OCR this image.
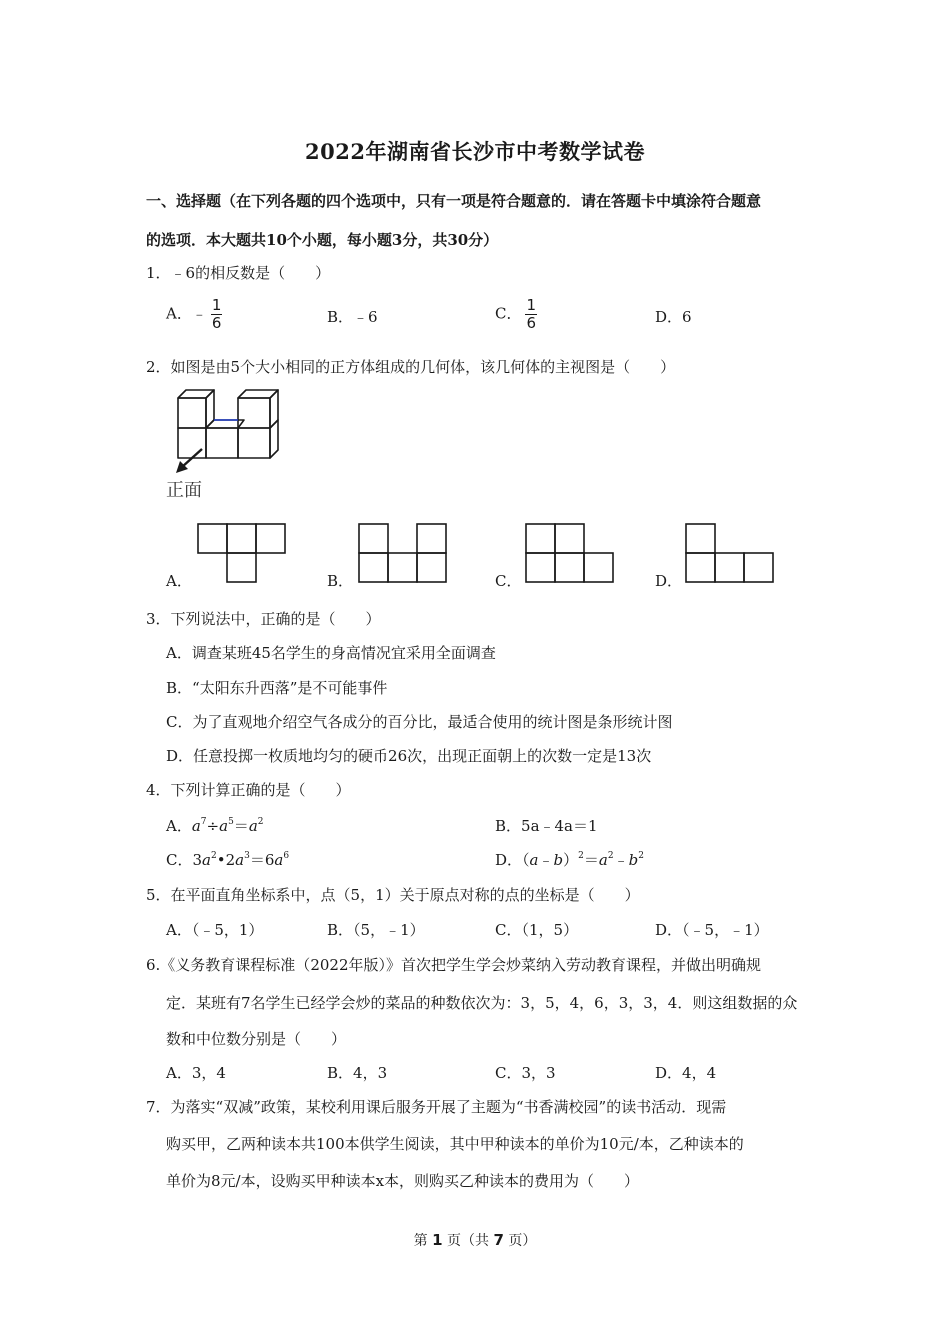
2022年湖南省长沙市中考数学试卷
一、选择题（在下列各题的四个选项中，只有一项是符合题意的．请在答题卡中填涂符合题意
的选项．本大题共10个小题，每小题3分，共30分）
1．﹣6的相反数是（　　）
A．﹣ $\frac{1}{6}$	B．﹣6	C． $\frac{1}{6}$	D．6
2．如图是由5个大小相同的正方体组成的几何体，该几何体的主视图是（　　）
正面
A．	B．	C．	D．
3．下列说法中，正确的是（　　）
A．调查某班45名学生的身高情况宜采用全面调查
B．“太阳东升西落”是不可能事件
C．为了直观地介绍空气各成分的百分比，最适合使用的统计图是条形统计图
D．任意投掷一枚质地均匀的硬币26次，出现正面朝上的次数一定是13次
4．下列计算正确的是（　　）
A．$a^7\div a^5=a^2$	B．5a﹣4a＝1
C．$3a^2•2a^3=6a^6$	D．$(a﹣b)^2=a^2﹣b^2$
5．在平面直角坐标系中，点（5，1）关于原点对称的点的坐标是（　　）
A．（﹣5，1）	B．（5，﹣1）	C．（1，5）	D．（﹣5，﹣1）
6.《义务教育课程标准（2022年版）》首次把学生学会炒菜纳入劳动教育课程，并做出明确规
定．某班有7名学生已经学会炒的菜品的种数依次为：3，5，4，6，3，3，4．则这组数据的众
数和中位数分别是（　　）
A．3，4	B．4，3	C．3，3	D．4，4
7．为落实“双减”政策，某校利用课后服务开展了主题为“书香满校园”的读书活动．现需
购买甲，乙两种读本共100本供学生阅读，其中甲种读本的单价为10元/本，乙种读本的
单价为8元/本，设购买甲种读本x本，则购买乙种读本的费用为（　　）
第 1 页（共 7 页）
